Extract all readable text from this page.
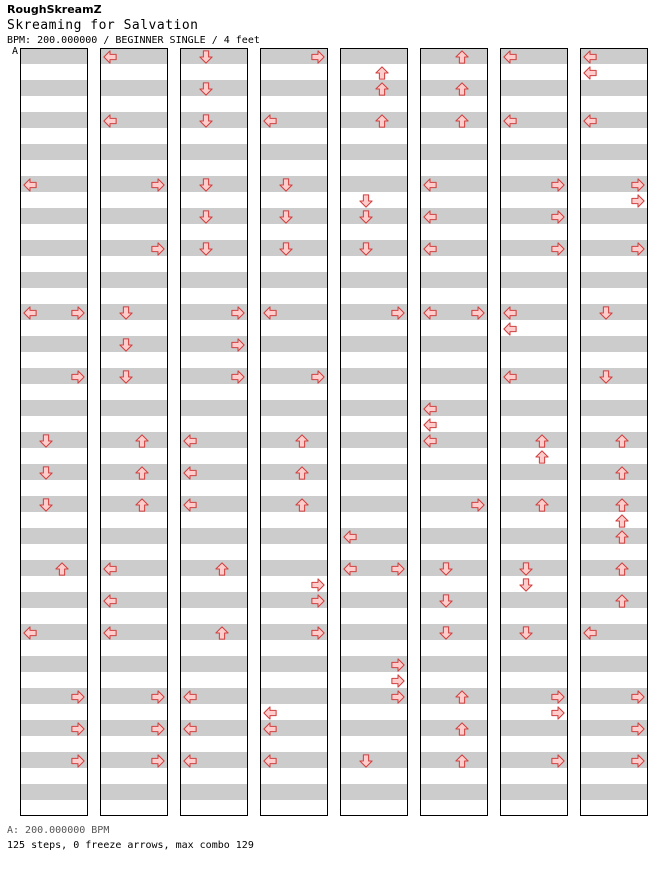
RoughSkreamZ
Skreaming for Salvation
BPM: 200.000000 / BEGINNER SINGLE / 4 feet
A
A: 200.000000 BPM
125 steps, 0 freeze arrows, max combo 129
